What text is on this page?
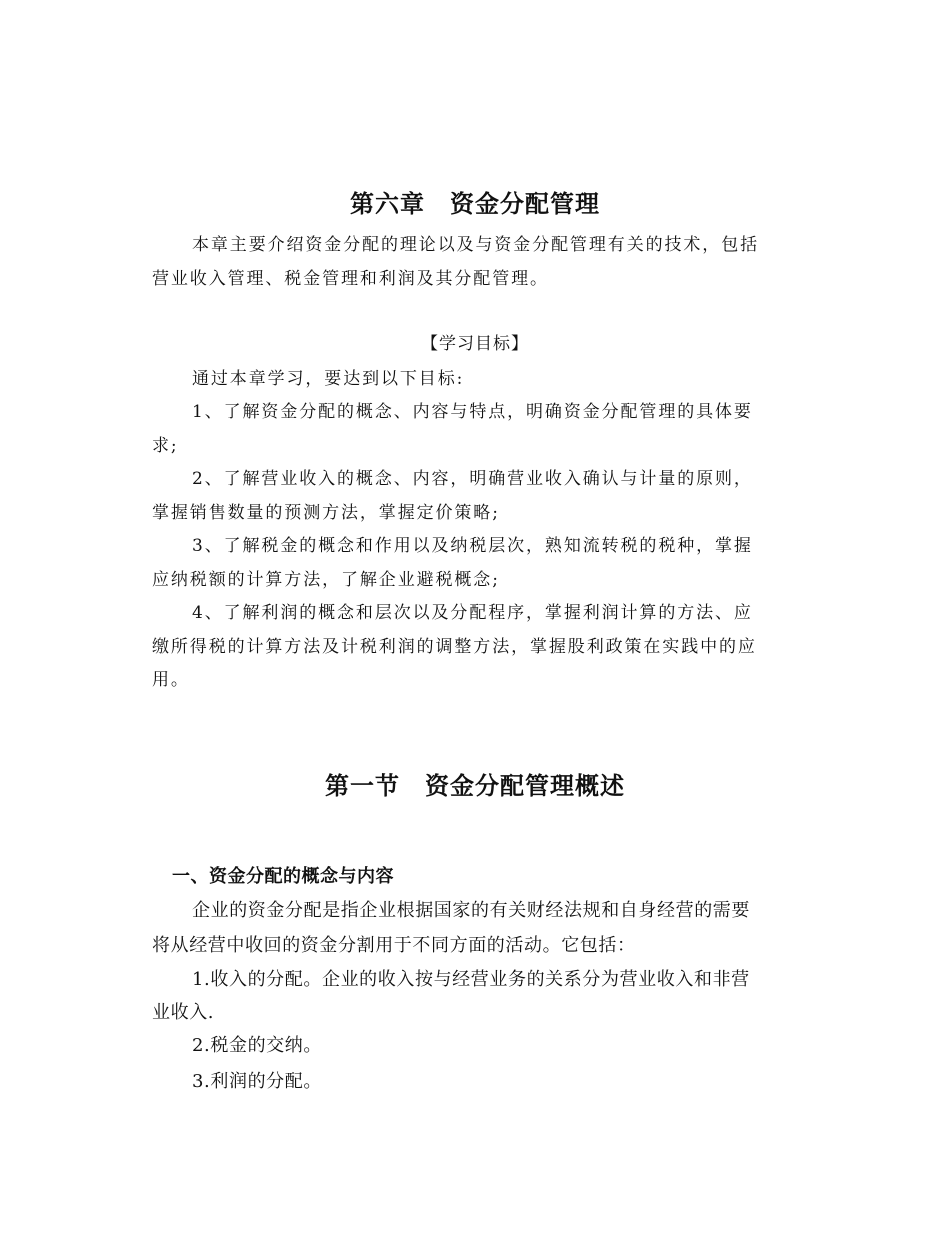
第六章　资金分配管理
本章主要介绍资金分配的理论以及与资金分配管理有关的技术，包括
营业收入管理、税金管理和利润及其分配管理。
【学习目标】
通过本章学习，要达到以下目标:
1、了解资金分配的概念、内容与特点，明确资金分配管理的具体要
求;
2、了解营业收入的概念、内容，明确营业收入确认与计量的原则，
掌握销售数量的预测方法，掌握定价策略;
3、了解税金的概念和作用以及纳税层次，熟知流转税的税种，掌握
应纳税额的计算方法，了解企业避税概念;
4、了解利润的概念和层次以及分配程序，掌握利润计算的方法、应
缴所得税的计算方法及计税利润的调整方法，掌握股利政策在实践中的应
用。
第一节　资金分配管理概述
一、资金分配的概念与内容
企业的资金分配是指企业根据国家的有关财经法规和自身经营的需要
将从经营中收回的资金分割用于不同方面的活动。它包括：
1.收入的分配。企业的收入按与经营业务的关系分为营业收入和非营
业收入.
2.税金的交纳。
3.利润的分配。
